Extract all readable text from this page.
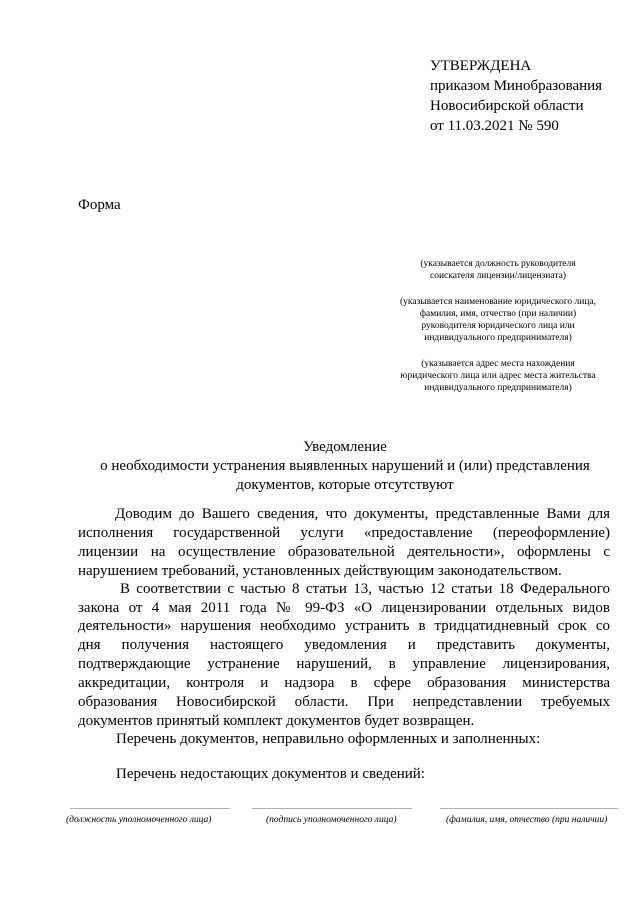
УТВЕРЖДЕНА
приказом Минобразования
Новосибирской области
от 11.03.2021 № 590
Форма
(указывается должность руководителя
соискателя лицензии/лицензиата)
(указывается наименование юридического лица,
фамилия, имя, отчество (при наличии)
руководителя юридического лица или
индивидуального предпринимателя)
(указывается адрес места нахождения
юридического лица или адрес места жительства
индивидуального предпринимателя)
Уведомление
о необходимости устранения выявленных нарушений и (или) представления
документов, которые отсутствуют
Доводим до Вашего сведения, что документы, представленные Вами для
исполнения государственной услуги «предоставление (переоформление)
лицензии на осуществление образовательной деятельности», оформлены с
нарушением требований, установленных действующим законодательством.
В соответствии с частью 8 статьи 13, частью 12 статьи 18 Федерального
закона от 4 мая 2011 года № 99-ФЗ «О лицензировании отдельных видов
деятельности» нарушения необходимо устранить в тридцатидневный срок со
дня получения настоящего уведомления и представить документы,
подтверждающие устранение нарушений, в управление лицензирования,
аккредитации, контроля и надзора в сфере образования министерства
образования Новосибирской области. При непредставлении требуемых
документов принятый комплект документов будет возвращен.
Перечень документов, неправильно оформленных и заполненных:
Перечень недостающих документов и сведений:
(должность уполномоченного лица)	(подпись уполномоченного лица)	(фамилия, имя, отчество (при наличии)
